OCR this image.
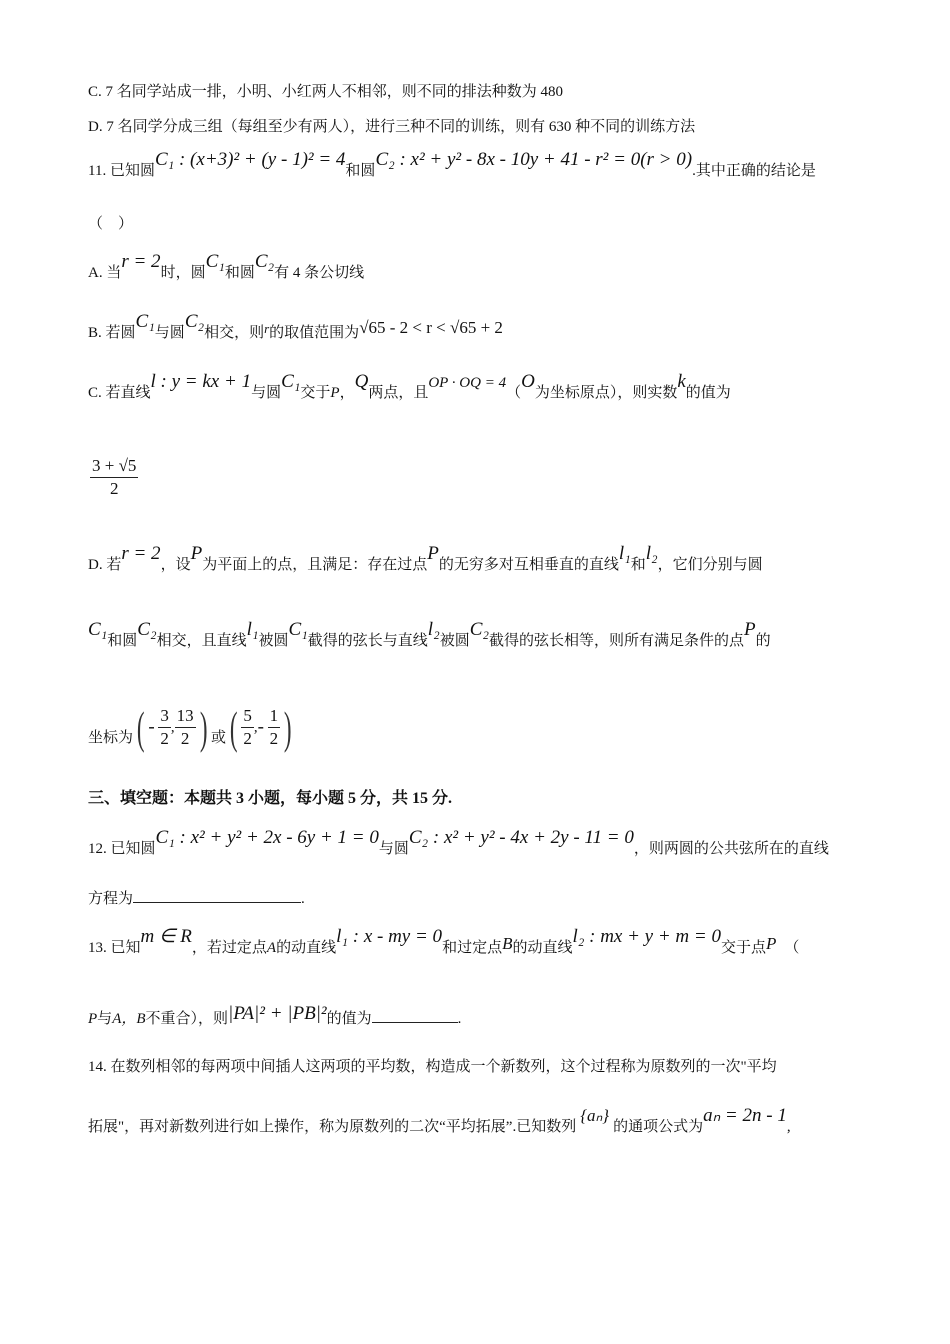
C. 7 名同学站成一排，小明、小红两人不相邻，则不同的排法种数为 480
D. 7 名同学分成三组（每组至少有两人），进行三种不同的训练，则有 630 种不同的训练方法
11. 已知圆C₁ : (x+3)² + (y - 1)² = 4和圆C₂ : x² + y² - 8x - 10y + 41 - r² = 0(r > 0).其中正确的结论是
（　）
A. 当r = 2时，圆C₁和圆C₂有 4 条公切线
B. 若圆C₁与圆C₂相交，则r的取值范围为√65 - 2 < r < √65 + 2
C. 若直线l : y = kx + 1与圆C₁交于P，Q两点，且OP · OQ = 4（O为坐标原点），则实数k的值为
$\frac{3 + √5}{2}$
D. 若r = 2，设P为平面上的点，且满足：存在过点P的无穷多对互相垂直的直线l₁和l₂，它们分别与圆
C₁和圆C₂相交，且直线l₁被圆C₁截得的弦长与直线l₂被圆C₂截得的弦长相等，则所有满足条件的点P的
坐标为( - $\frac{3}{2}$ , $\frac{13}{2}$ ) 或( $\frac{5}{2}$ ,- $\frac{1}{2}$ )
三、填空题：本题共 3 小题，每小题 5 分，共 15 分.
12. 已知圆C₁ : x² + y² + 2x - 6y + 1 = 0与圆C₂ : x² + y² - 4x + 2y - 11 = 0，则两圆的公共弦所在的直线
方程为	.
13. 已知m ∈ R，若过定点A的动直线l₁ : x - my = 0和过定点B的动直线l₂ : mx + y + m = 0交于点P （
P与A，B不重合），则|PA|² + |PB|²的值为	.
14. 在数列相邻的每两项中间插人这两项的平均数，构造成一个新数列，这个过程称为原数列的一次"平均
拓展"，再对新数列进行如上操作，称为原数列的二次“平均拓展”.已知数列{aₙ}的通项公式为aₙ = 2n - 1,
